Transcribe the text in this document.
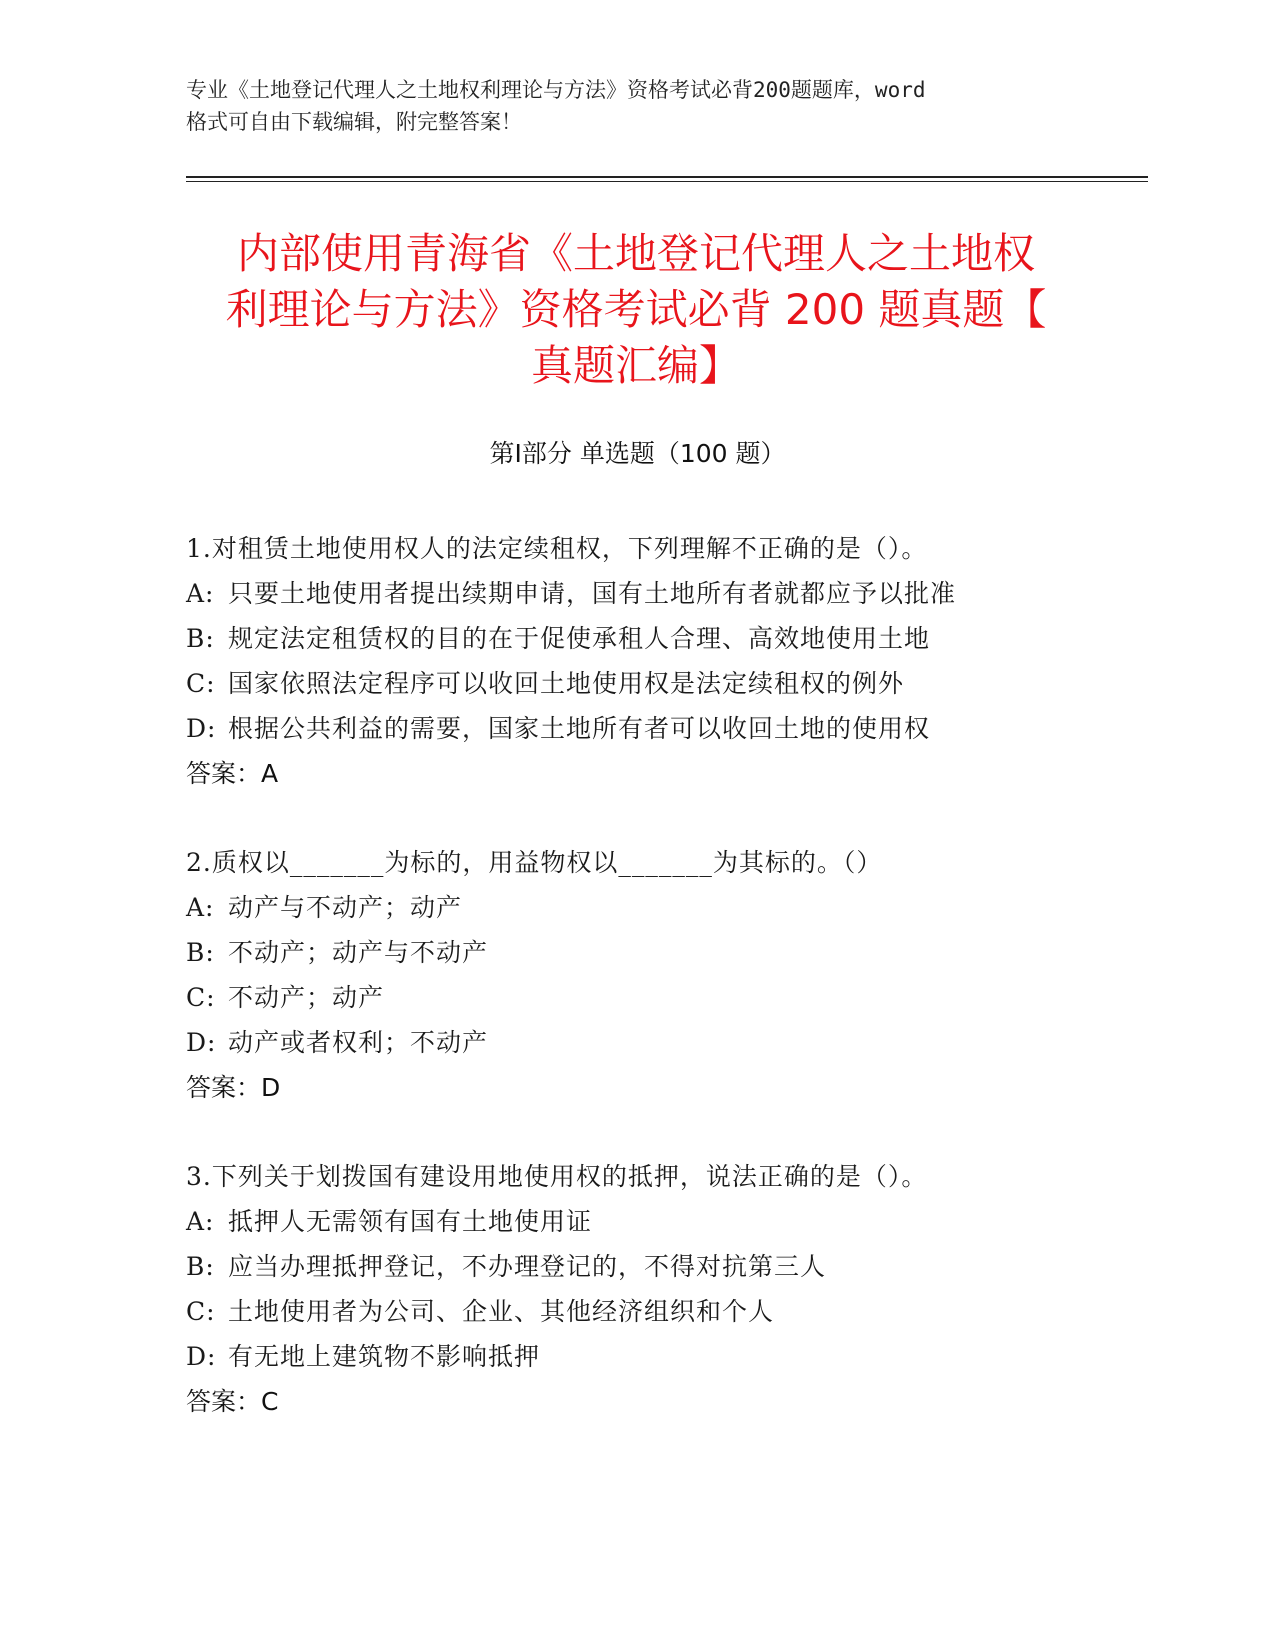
专业《土地登记代理人之土地权利理论与方法》资格考试必背200题题库，word
格式可自由下载编辑，附完整答案！
内部使用青海省《土地登记代理人之土地权
利理论与方法》资格考试必背 200 题真题【
真题汇编】
第Ⅰ部分 单选题（100 题）
1.对租赁土地使用权人的法定续租权，下列理解不正确的是（）。
A: 只要土地使用者提出续期申请，国有土地所有者就都应予以批准
B: 规定法定租赁权的目的在于促使承租人合理、高效地使用土地
C: 国家依照法定程序可以收回土地使用权是法定续租权的例外
D: 根据公共利益的需要，国家土地所有者可以收回土地的使用权
答案：A
2.质权以_______为标的，用益物权以_______为其标的。（）
A: 动产与不动产；动产
B: 不动产；动产与不动产
C: 不动产；动产
D: 动产或者权利；不动产
答案：D
3.下列关于划拨国有建设用地使用权的抵押，说法正确的是（）。
A: 抵押人无需领有国有土地使用证
B: 应当办理抵押登记，不办理登记的，不得对抗第三人
C: 土地使用者为公司、企业、其他经济组织和个人
D: 有无地上建筑物不影响抵押
答案：C
